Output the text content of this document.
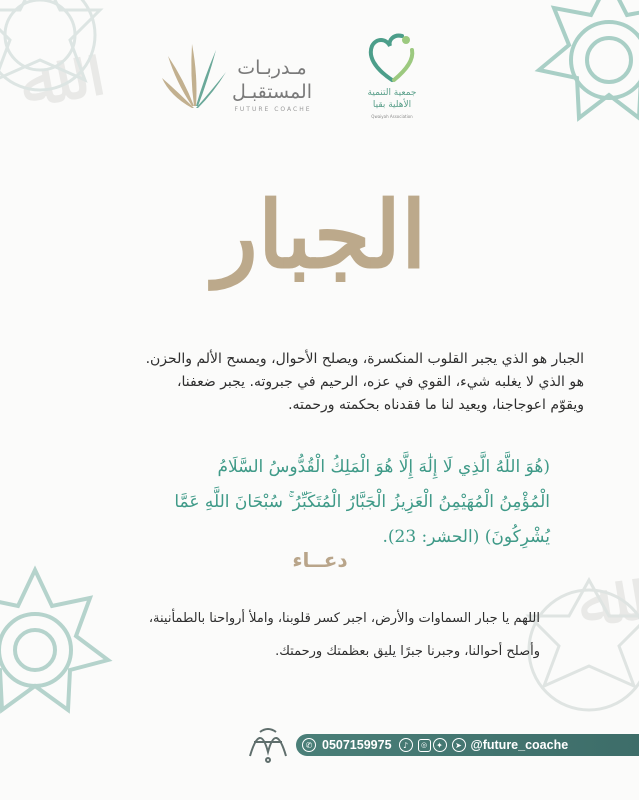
ﷲ
ﷲ
مـدربـات
المستقبـل
FUTURE COACHE
جمعية التنمية
الأهلية بقيا
Qwaiyah Association
الجبار

الجبار هو الذي يجبر القلوب المنكسرة، ويصلح الأحوال، ويمسح الألم والحزن.

هو الذي لا يغلبه شيء، القوي في عزه، الرحيم في جبروته. يجبر ضعفنا،

ويقوّم اعوجاجنا، ويعيد لنا ما فقدناه بحكمته ورحمته.

(هُوَ اللَّهُ الَّذِي لَا إِلَٰهَ إِلَّا هُوَ الْمَلِكُ الْقُدُّوسُ السَّلَامُ

الْمُؤْمِنُ الْمُهَيْمِنُ الْعَزِيزُ الْجَبَّارُ الْمُتَكَبِّرُ ۚ سُبْحَانَ اللَّهِ عَمَّا

يُشْرِكُونَ) (الحشر: 23).

دعــاء

اللهم يا جبار السماوات والأرض، اجبر كسر قلوبنا، واملأ أرواحنا بالطمأنينة،

وأصلح أحوالنا، وجبرنا جبرًا يليق بعظمتك ورحمتك.

✆ 0507159975	♪	◎	✦	➤ @future_coache
